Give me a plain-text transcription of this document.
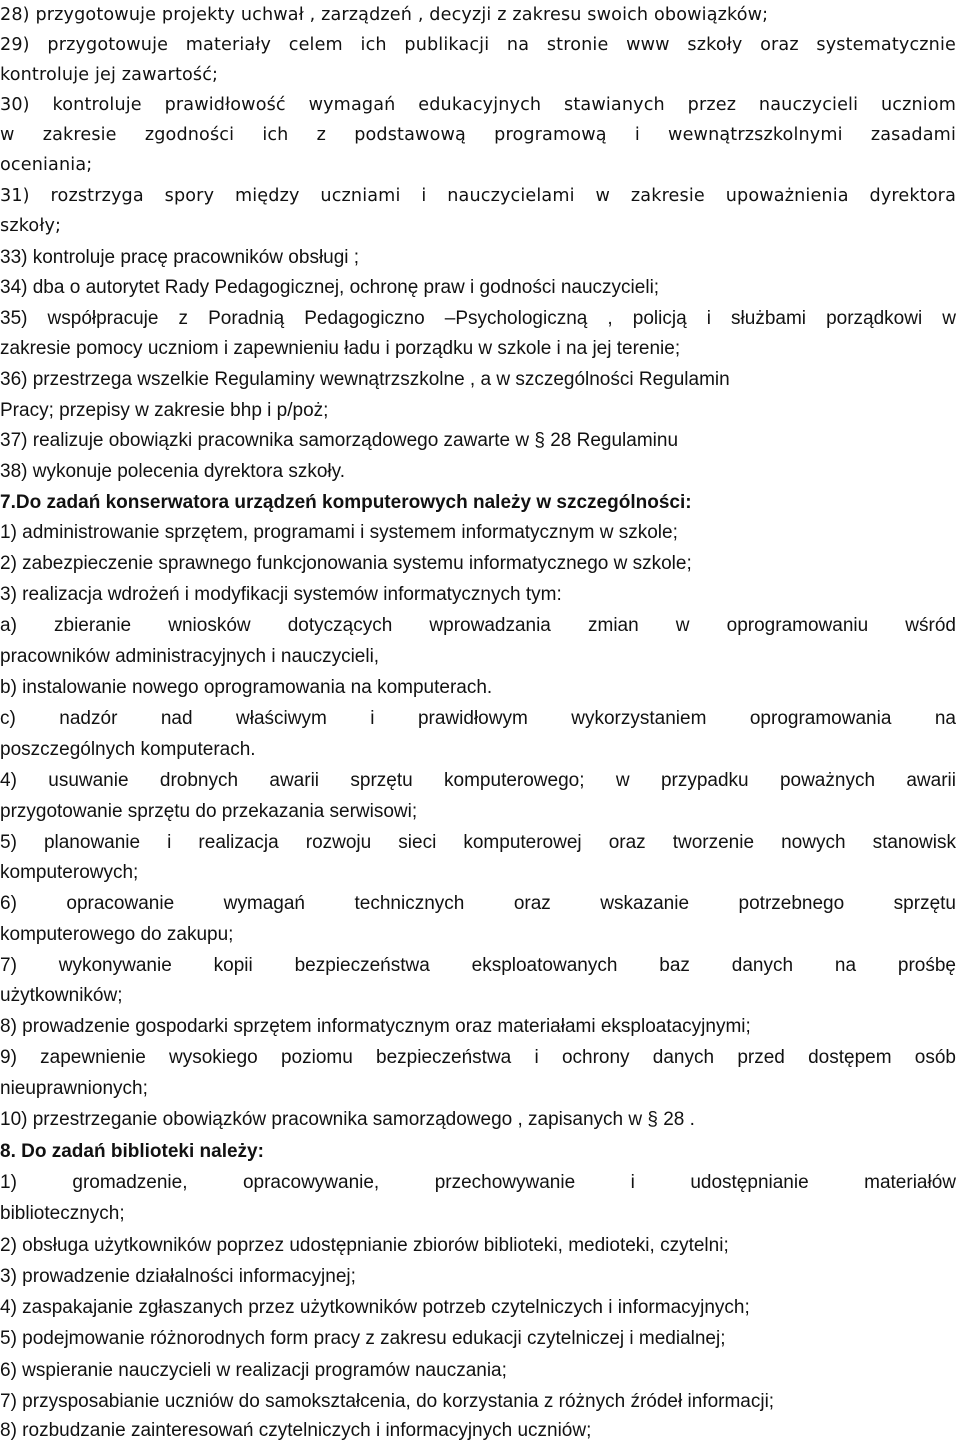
28) przygotowuje projekty uchwał , zarządzeń , decyzji z zakresu swoich obowiązków;
29) przygotowuje materiały celem ich publikacji na stronie www szkoły oraz systematycznie
kontroluje jej zawartość;
30) kontroluje prawidłowość wymagań edukacyjnych stawianych przez nauczycieli uczniom
w zakresie zgodności ich z podstawową programową i wewnątrzszkolnymi zasadami
oceniania;
31) rozstrzyga spory między uczniami i nauczycielami w zakresie upoważnienia dyrektora
szkoły;
33) kontroluje pracę pracowników obsługi ;
34) dba o autorytet Rady Pedagogicznej, ochronę praw i godności nauczycieli;
35) współpracuje z Poradnią Pedagogiczno –Psychologiczną , policją i służbami porządkowi w
zakresie pomocy uczniom i zapewnieniu ładu i porządku w szkole i na jej terenie;
36) przestrzega wszelkie Regulaminy wewnątrzszkolne , a w szczególności Regulamin
Pracy; przepisy w zakresie bhp i p/poż;
37) realizuje obowiązki pracownika samorządowego zawarte w § 28 Regulaminu
38) wykonuje polecenia dyrektora szkoły.
7.Do zadań konserwatora urządzeń komputerowych należy w szczególności:
1) administrowanie sprzętem, programami i systemem informatycznym w szkole;
2) zabezpieczenie sprawnego funkcjonowania systemu informatycznego w szkole;
3) realizacja wdrożeń i modyfikacji systemów informatycznych tym:
a) zbieranie wniosków dotyczących wprowadzania zmian w oprogramowaniu wśród
pracowników administracyjnych i nauczycieli,
b) instalowanie nowego oprogramowania na komputerach.
c) nadzór nad właściwym i prawidłowym wykorzystaniem oprogramowania na
poszczególnych komputerach.
4) usuwanie drobnych awarii sprzętu komputerowego; w przypadku poważnych awarii
przygotowanie sprzętu do przekazania serwisowi;
5) planowanie i realizacja rozwoju sieci komputerowej oraz tworzenie nowych stanowisk
komputerowych;
6) opracowanie wymagań technicznych oraz wskazanie potrzebnego sprzętu
komputerowego do zakupu;
7) wykonywanie kopii bezpieczeństwa eksploatowanych baz danych na prośbę
użytkowników;
8) prowadzenie gospodarki sprzętem informatycznym oraz materiałami eksploatacyjnymi;
9) zapewnienie wysokiego poziomu bezpieczeństwa i ochrony danych przed dostępem osób
nieuprawnionych;
10) przestrzeganie obowiązków pracownika samorządowego , zapisanych w § 28 .
8. Do zadań biblioteki należy:
1) gromadzenie, opracowywanie, przechowywanie i udostępnianie materiałów
bibliotecznych;
2) obsługa użytkowników poprzez udostępnianie zbiorów biblioteki, medioteki, czytelni;
3) prowadzenie działalności informacyjnej;
4) zaspakajanie zgłaszanych przez użytkowników potrzeb czytelniczych i informacyjnych;
5) podejmowanie różnorodnych form pracy z zakresu edukacji czytelniczej i medialnej;
6) wspieranie nauczycieli w realizacji programów nauczania;
7) przysposabianie uczniów do samokształcenia, do korzystania z różnych źródeł informacji;
8) rozbudzanie zainteresowań czytelniczych i informacyjnych uczniów;
